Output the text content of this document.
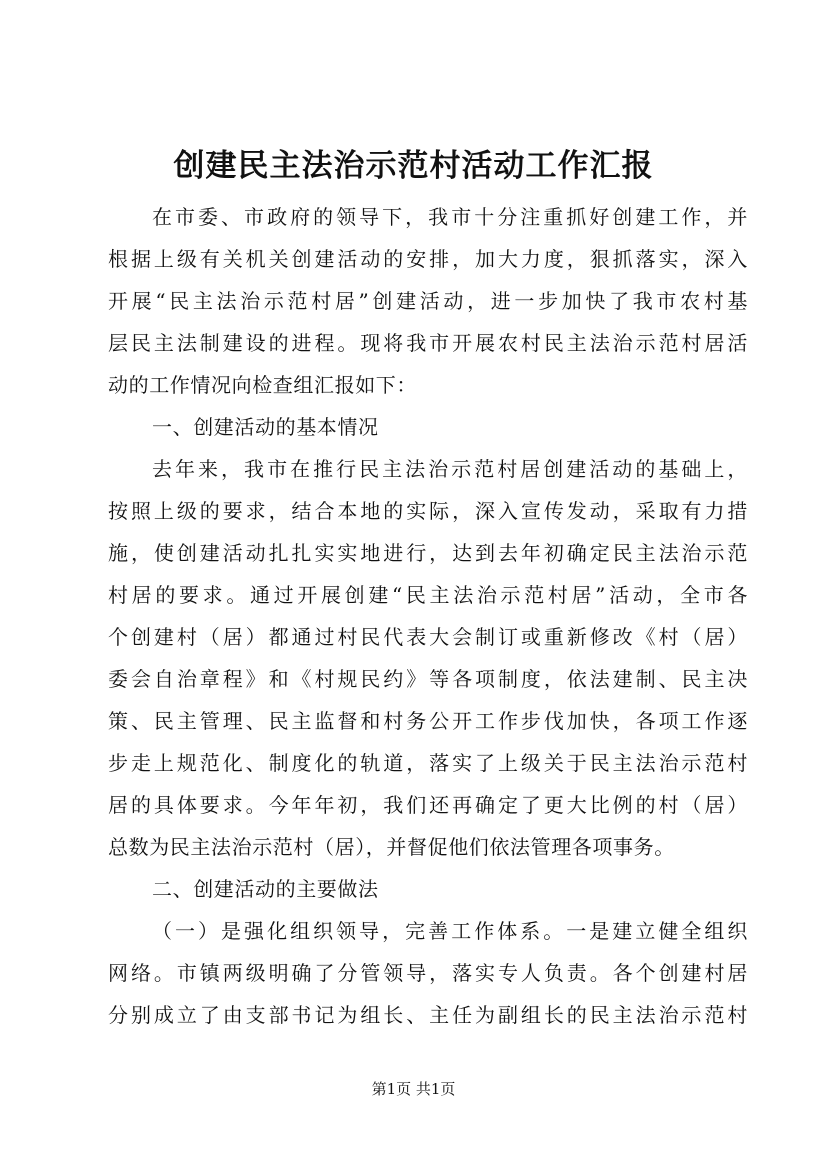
创建民主法治示范村活动工作汇报
在市委、市政府的领导下，我市十分注重抓好创建工作，并
根据上级有关机关创建活动的安排，加大力度，狠抓落实，深入
开展“民主法治示范村居”创建活动，进一步加快了我市农村基
层民主法制建设的进程。现将我市开展农村民主法治示范村居活
动的工作情况向检查组汇报如下：
一、创建活动的基本情况
去年来，我市在推行民主法治示范村居创建活动的基础上，
按照上级的要求，结合本地的实际，深入宣传发动，采取有力措
施，使创建活动扎扎实实地进行，达到去年初确定民主法治示范
村居的要求。通过开展创建“民主法治示范村居”活动，全市各
个创建村（居）都通过村民代表大会制订或重新修改《村（居）
委会自治章程》和《村规民约》等各项制度，依法建制、民主决
策、民主管理、民主监督和村务公开工作步伐加快，各项工作逐
步走上规范化、制度化的轨道，落实了上级关于民主法治示范村
居的具体要求。今年年初，我们还再确定了更大比例的村（居）
总数为民主法治示范村（居），并督促他们依法管理各项事务。
二、创建活动的主要做法
（一）是强化组织领导，完善工作体系。一是建立健全组织
网络。市镇两级明确了分管领导，落实专人负责。各个创建村居
分别成立了由支部书记为组长、主任为副组长的民主法治示范村
第1页 共1页
